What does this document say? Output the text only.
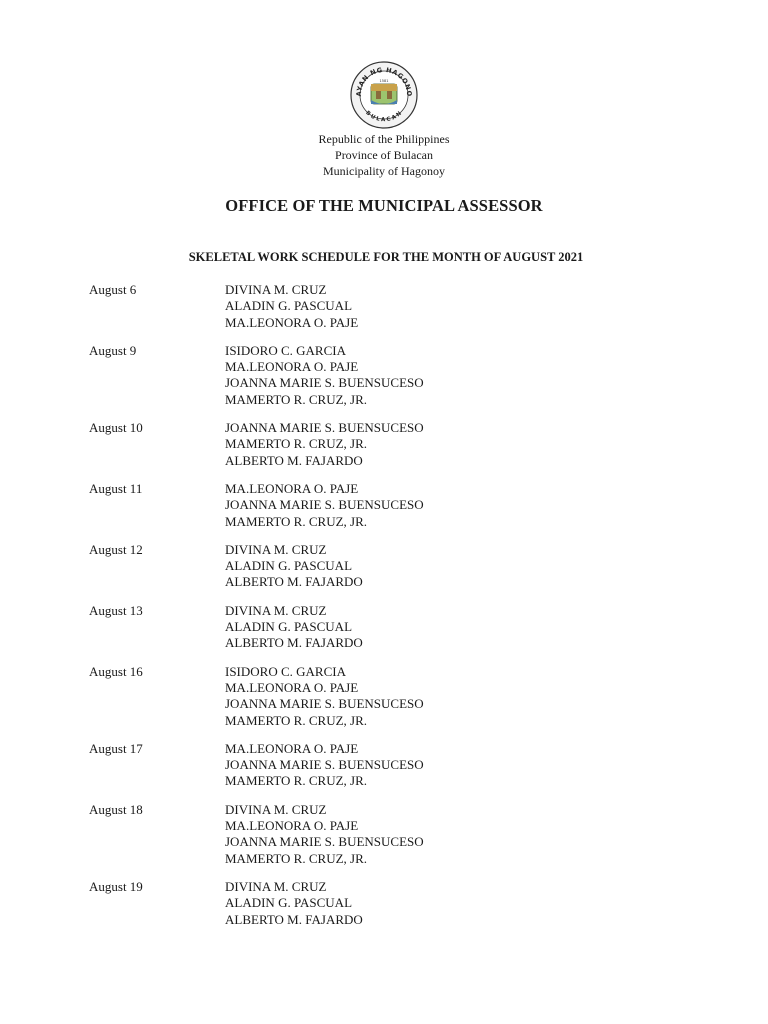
AYAN NG HAGONO
BULACAN
1581
Republic of the Philippines
Province of Bulacan
Municipality of Hagonoy
OFFICE OF THE MUNICIPAL ASSESSOR
SKELETAL WORK SCHEDULE FOR THE MONTH OF AUGUST 2021
August 6	DIVINA M. CRUZ
ALADIN G. PASCUAL
MA.LEONORA O. PAJE
August 9	ISIDORO C. GARCIA
MA.LEONORA O. PAJE
JOANNA MARIE S. BUENSUCESO
MAMERTO R. CRUZ, JR.
August 10	JOANNA MARIE S. BUENSUCESO
MAMERTO R. CRUZ, JR.
ALBERTO M. FAJARDO
August 11	MA.LEONORA O. PAJE
JOANNA MARIE S. BUENSUCESO
MAMERTO R. CRUZ, JR.
August 12	DIVINA M. CRUZ
ALADIN G. PASCUAL
ALBERTO M. FAJARDO
August 13	DIVINA M. CRUZ
ALADIN G. PASCUAL
ALBERTO M. FAJARDO
August 16	ISIDORO C. GARCIA
MA.LEONORA O. PAJE
JOANNA MARIE S. BUENSUCESO
MAMERTO R. CRUZ, JR.
August 17	MA.LEONORA O. PAJE
JOANNA MARIE S. BUENSUCESO
MAMERTO R. CRUZ, JR.
August 18	DIVINA M. CRUZ
MA.LEONORA O. PAJE
JOANNA MARIE S. BUENSUCESO
MAMERTO R. CRUZ, JR.
August 19	DIVINA M. CRUZ
ALADIN G. PASCUAL
ALBERTO M. FAJARDO
